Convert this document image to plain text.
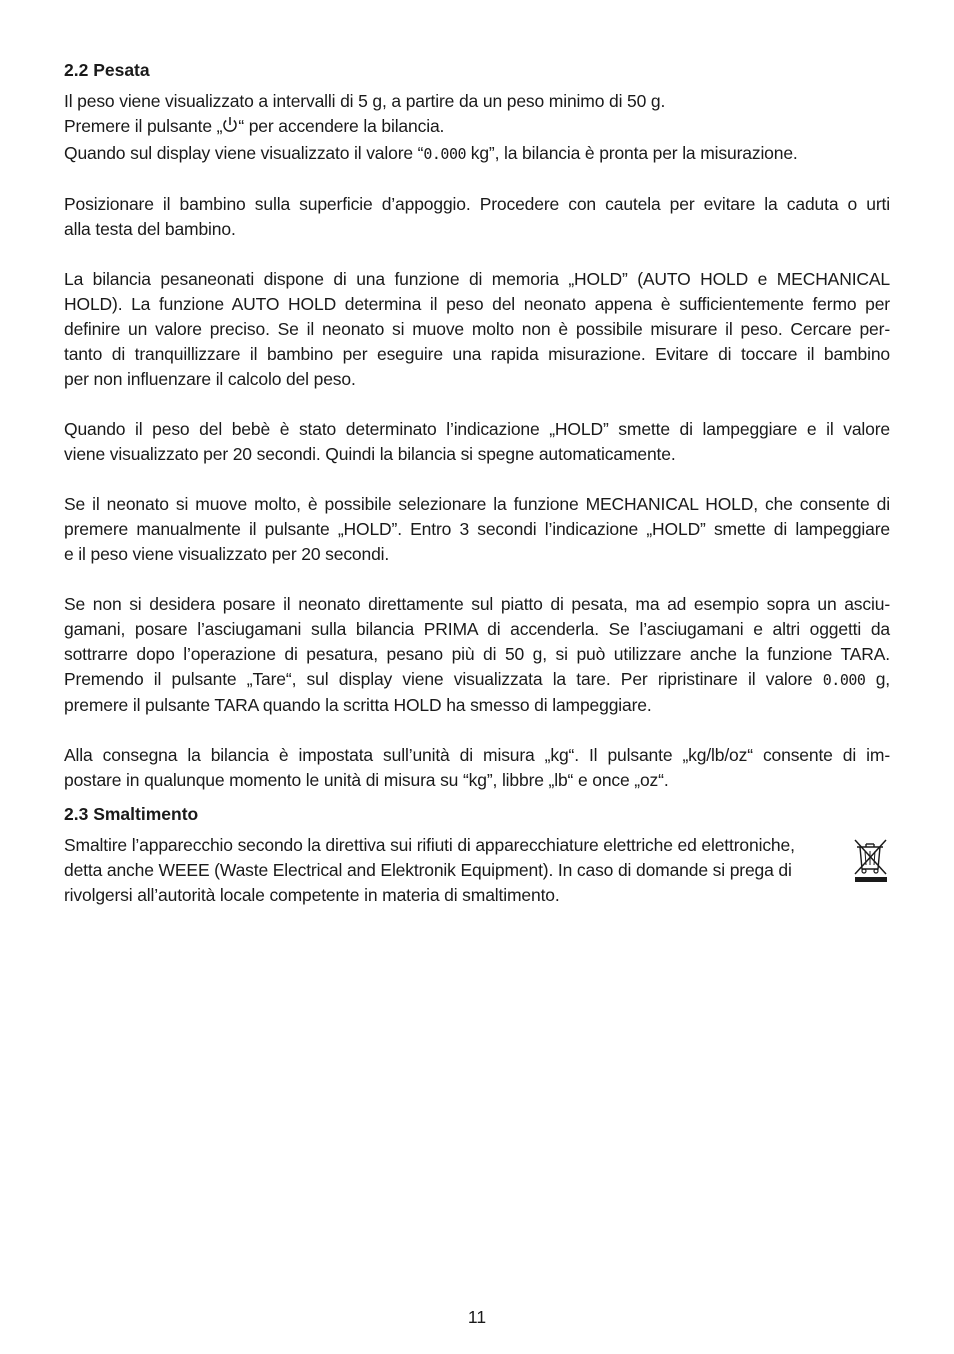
2.2 Pesata

Il peso viene visualizzato a intervalli di 5 g, a partire da un peso minimo di 50 g.
Premere il pulsante „ “ per accendere la bilancia.
Quando sul display viene visualizzato il valore “0.000 kg”, la bilancia è pronta per la misurazione.

Posizionare il bambino sulla superficie d’appoggio. Procedere con cautela per evitare la caduta o urti
alla testa del bambino.

La bilancia pesaneonati dispone di una funzione di memoria „HOLD” (AUTO HOLD e MECHANICAL
HOLD). La funzione AUTO HOLD determina il peso del neonato appena è sufficientemente fermo per
definire un valore preciso. Se il neonato si muove molto non è possibile misurare il peso. Cercare per-
tanto di tranquillizzare il bambino per eseguire una rapida misurazione. Evitare di toccare il bambino
per non influenzare il calcolo del peso.

Quando il peso del bebè è stato determinato l’indicazione „HOLD” smette di lampeggiare e il valore
viene visualizzato per 20 secondi. Quindi la bilancia si spegne automaticamente.

Se il neonato si muove molto, è possibile selezionare la funzione MECHANICAL HOLD, che consente di
premere manualmente il pulsante „HOLD”. Entro 3 secondi l’indicazione „HOLD” smette di lampeggiare
e il peso viene visualizzato per 20 secondi.

Se non si desidera posare il neonato direttamente sul piatto di pesata, ma ad esempio sopra un asciu-
gamani, posare l’asciugamani sulla bilancia PRIMA di accenderla. Se l’asciugamani e altri oggetti da
sottrarre dopo l’operazione di pesatura, pesano più di 50 g, si può utilizzare anche la funzione TARA.
Premendo il pulsante „Tare“, sul display viene visualizzata la tare. Per ripristinare il valore 0.000 g,
premere il pulsante TARA quando la scritta HOLD ha smesso di lampeggiare.

Alla consegna la bilancia è impostata sull’unità di misura „kg“. Il pulsante „kg/lb/oz“ consente di im-
postare in qualunque momento le unità di misura su “kg”, libbre „lb“ e once „oz“.

2.3 Smaltimento

Smaltire l’apparecchio secondo la direttiva sui rifiuti di apparecchiature elettriche ed elettroniche,
detta anche WEEE (Waste Electrical and Elektronik Equipment). In caso di domande si prega di
rivolgersi all’autorità locale competente in materia di smaltimento.

11
